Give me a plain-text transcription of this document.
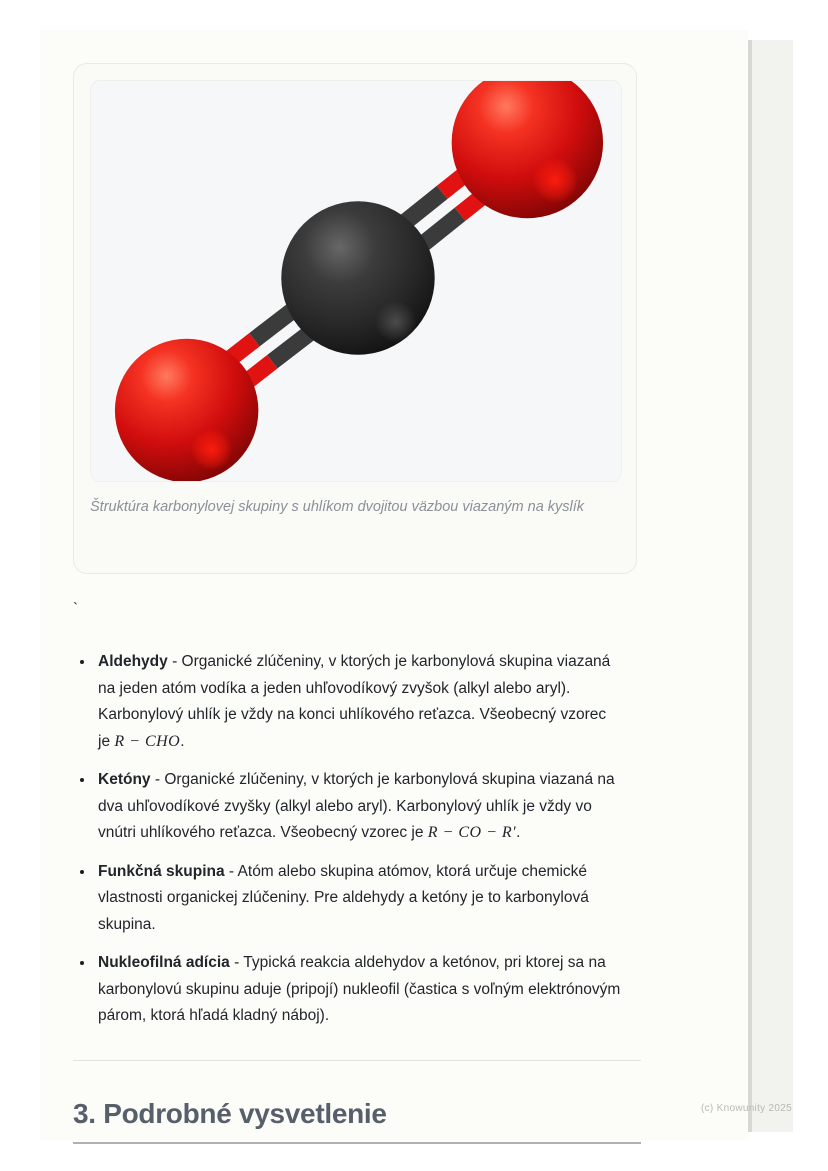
Štruktúra karbonylovej skupiny s uhlíkom dvojitou väzbou viazaným na kyslík

`

• Aldehydy - Organické zlúčeniny, v ktorých je karbonylová skupina viazaná na jeden atóm vodíka a jeden uhľovodíkový zvyšok (alkyl alebo aryl). Karbonylový uhlík je vždy na konci uhlíkového reťazca. Všeobecný vzorec je R − CHO.
• Ketóny - Organické zlúčeniny, v ktorých je karbonylová skupina viazaná na dva uhľovodíkové zvyšky (alkyl alebo aryl). Karbonylový uhlík je vždy vo vnútri uhlíkového reťazca. Všeobecný vzorec je R − CO − R′.
• Funkčná skupina - Atóm alebo skupina atómov, ktorá určuje chemické vlastnosti organickej zlúčeniny. Pre aldehydy a ketóny je to karbonylová skupina.
• Nukleofilná adícia - Typická reakcia aldehydov a ketónov, pri ktorej sa na karbonylovú skupinu aduje (pripojí) nukleofil (častica s voľným elektrónovým párom, ktorá hľadá kladný náboj).
3. Podrobné vysvetlenie	(c) Knowunity 2025
